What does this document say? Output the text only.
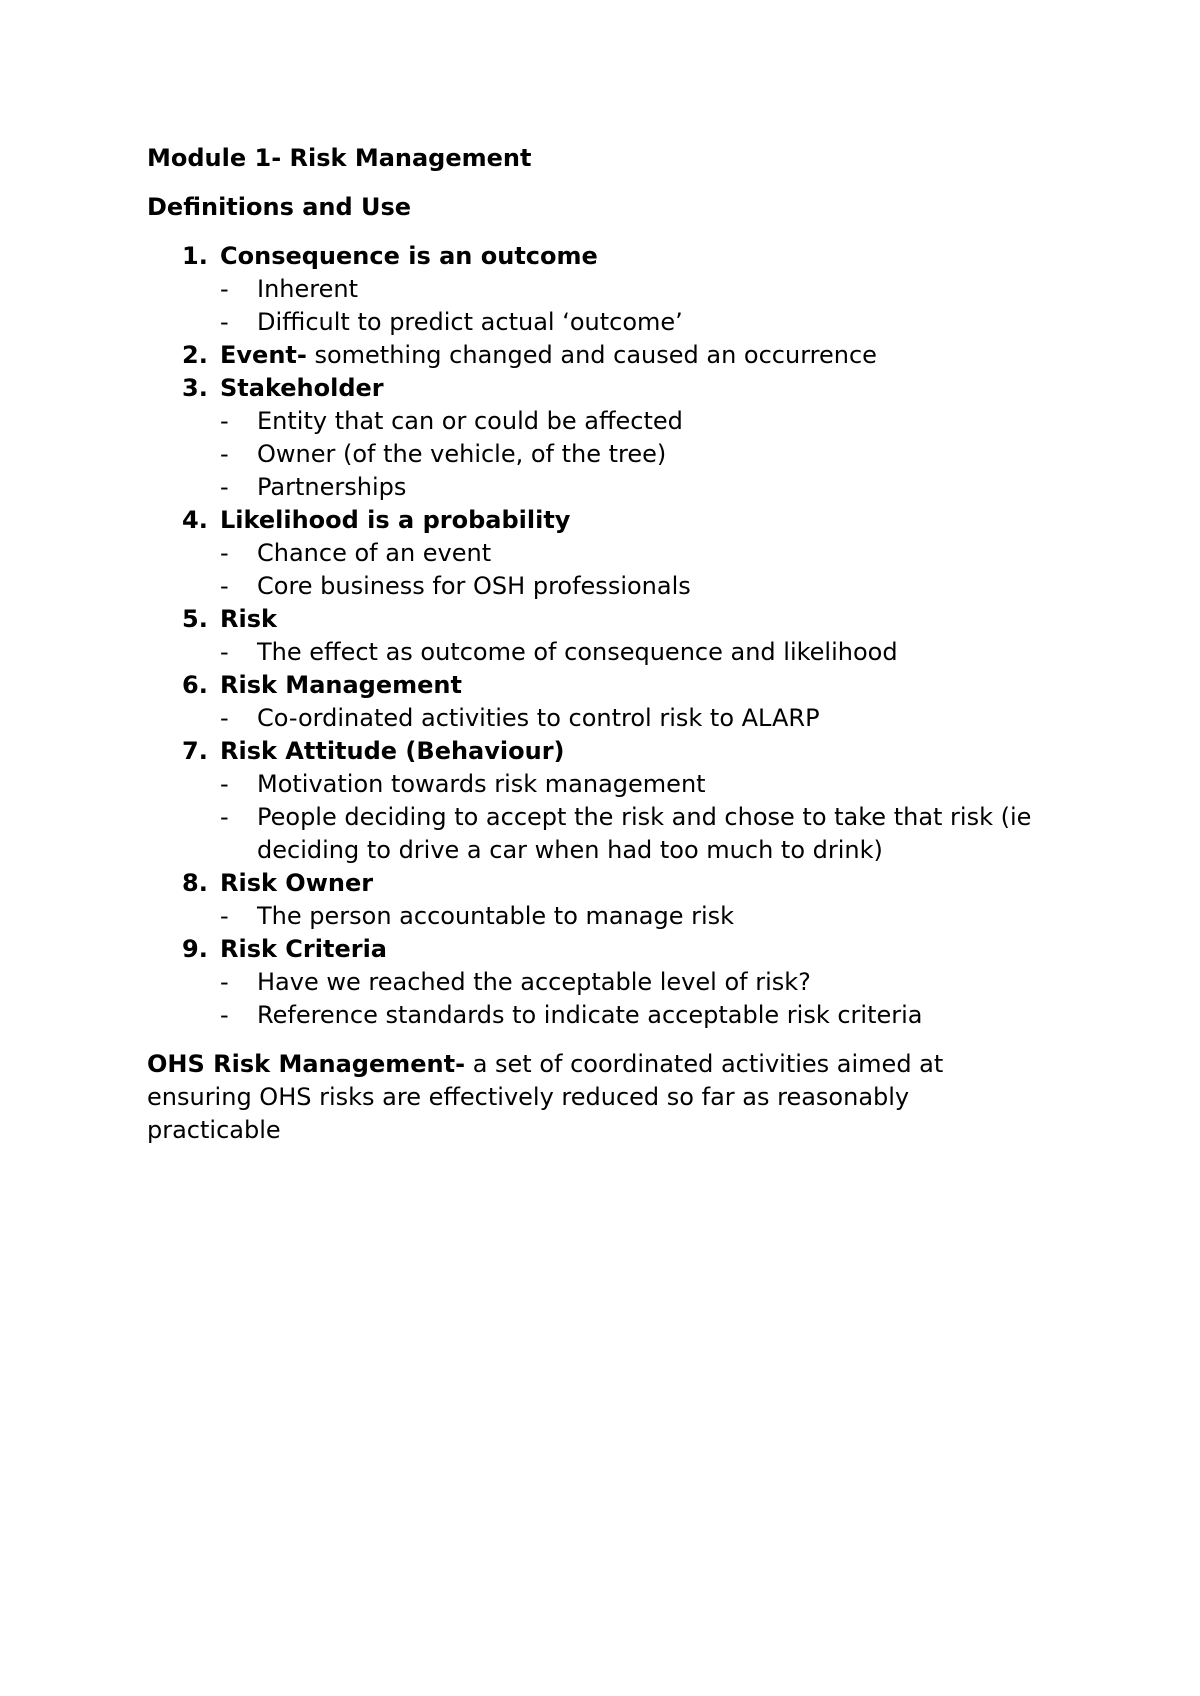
Module 1- Risk Management
Definitions and Use
1. Consequence is an outcome
- Inherent
- Difficult to predict actual ‘outcome’
2. Event- something changed and caused an occurrence
3. Stakeholder
- Entity that can or could be affected
- Owner (of the vehicle, of the tree)
- Partnerships
4. Likelihood is a probability
- Chance of an event
- Core business for OSH professionals
5. Risk
- The effect as outcome of consequence and likelihood
6. Risk Management
- Co-ordinated activities to control risk to ALARP
7. Risk Attitude (Behaviour)
- Motivation towards risk management
- People deciding to accept the risk and chose to take that risk (ie deciding to drive a car when had too much to drink)
8. Risk Owner
- The person accountable to manage risk
9. Risk Criteria
- Have we reached the acceptable level of risk?
- Reference standards to indicate acceptable risk criteria

OHS Risk Management- a set of coordinated activities aimed at ensuring OHS risks are effectively reduced so far as reasonably practicable
